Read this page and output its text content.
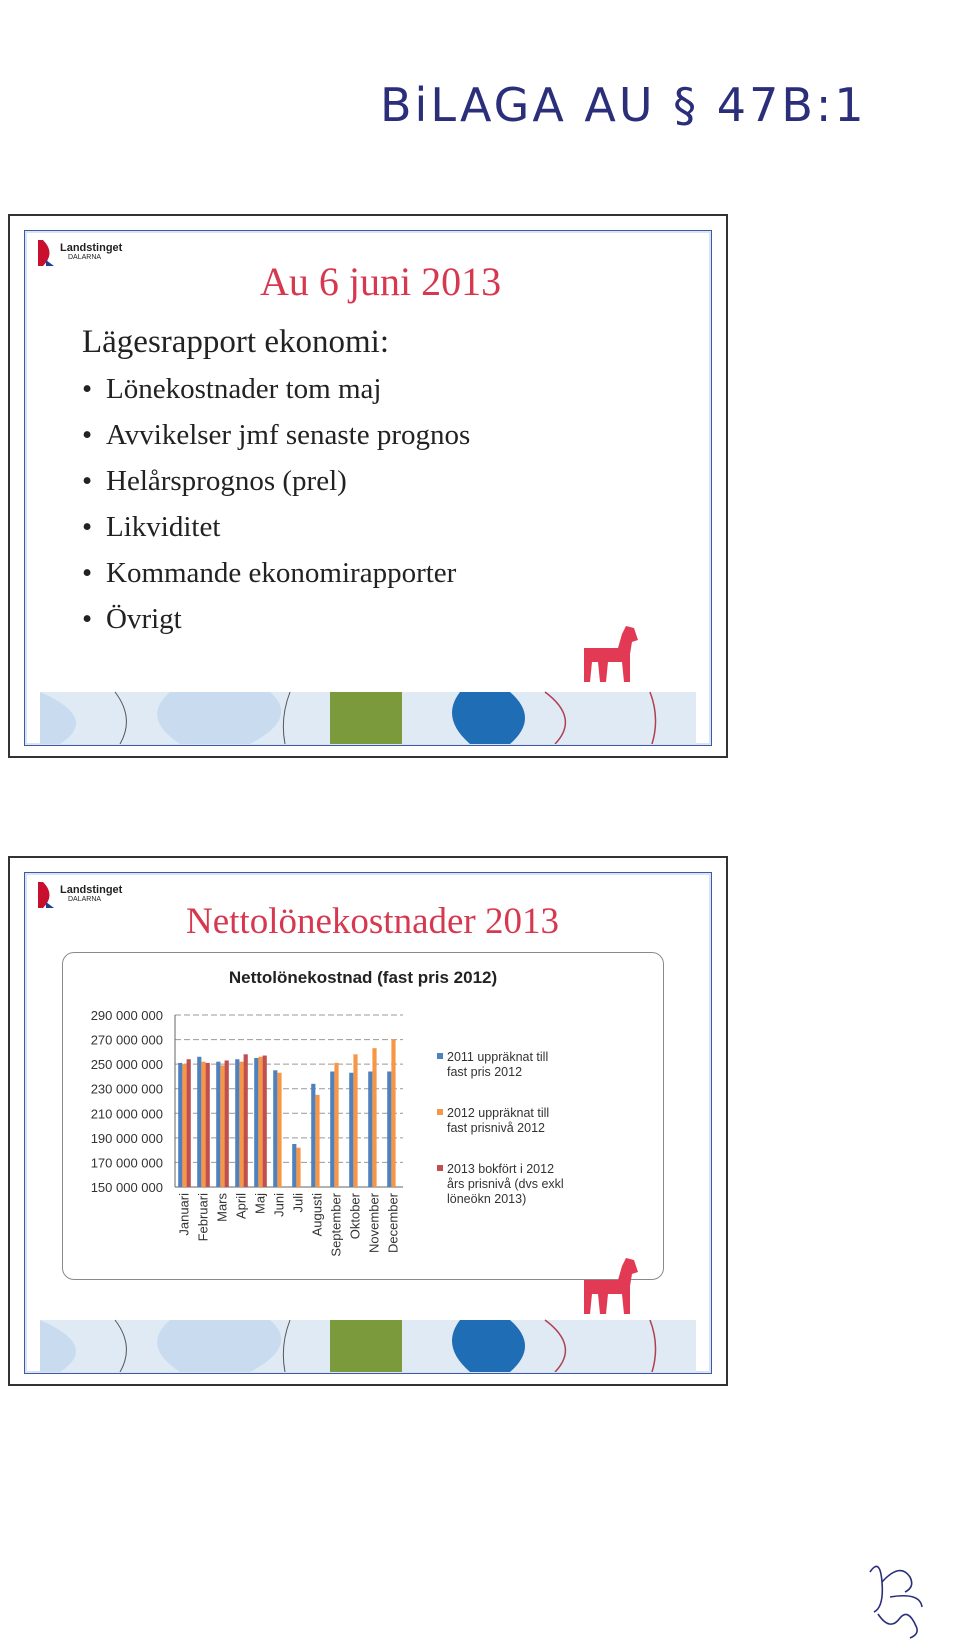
BiLAGA AU § 47B:1
Landstinget
DALARNA
Au 6 juni 2013
Lägesrapport ekonomi:
• Lönekostnader tom maj
• Avvikelser jmf senaste prognos
• Helårsprognos (prel)
• Likviditet
• Kommande ekonomirapporter
• Övrigt
Landstinget
DALARNA
Nettolönekostnader 2013
Nettolönekostnad (fast pris 2012)
150 000 000
170 000 000
190 000 000
210 000 000
230 000 000
250 000 000
270 000 000
290 000 000
Januari Februari Mars April Maj Juni Juli Augusti September Oktober November December
2011 uppräknat till fast pris 2012
2012 uppräknat till fast prisnivå 2012
2013 bokfört i 2012 års prisnivå (dvs exkl löneökn 2013)
